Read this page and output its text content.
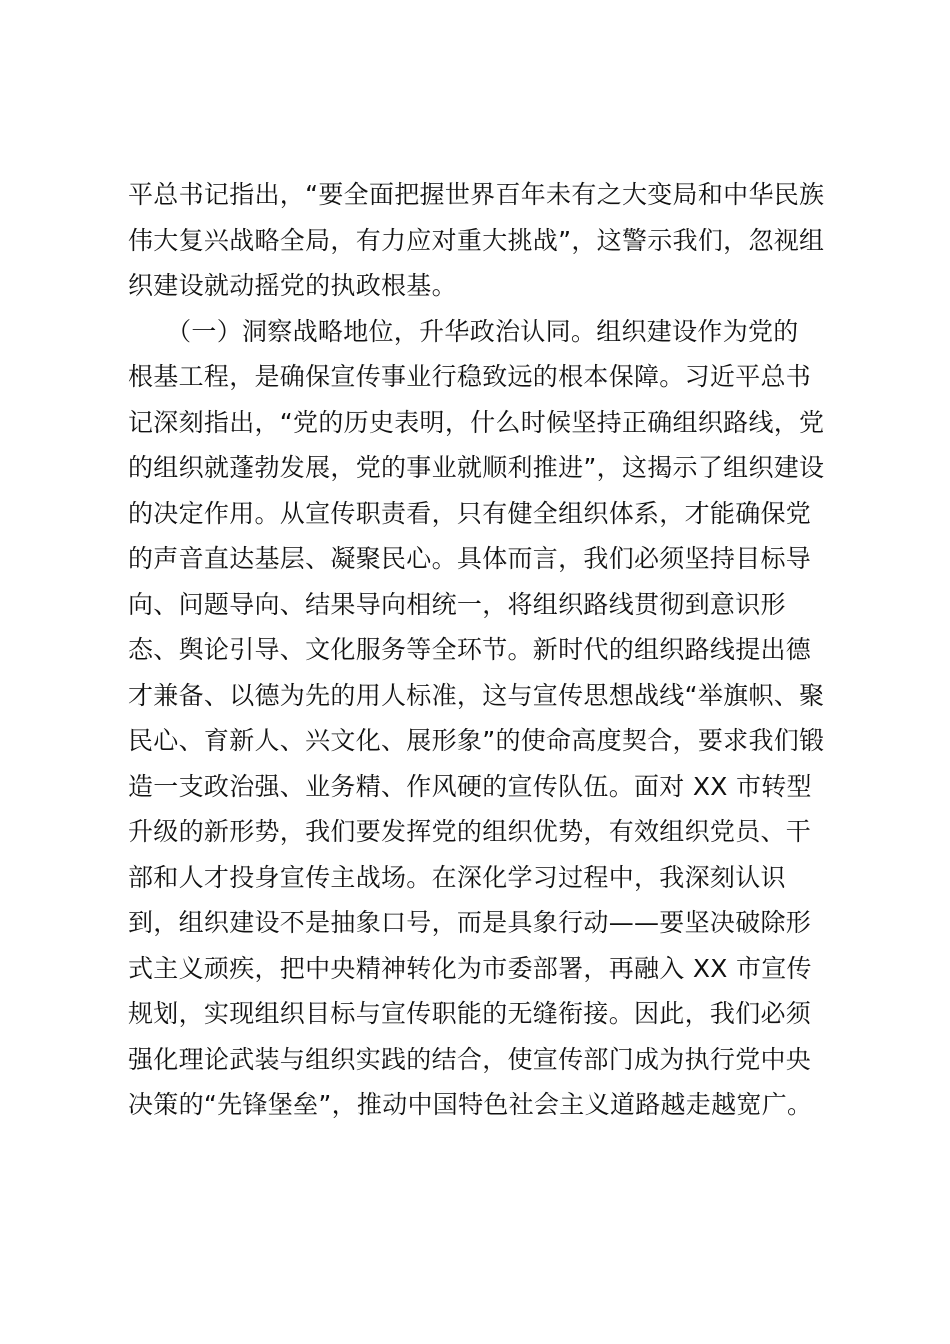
平总书记指出，“要全面把握世界百年未有之大变局和中华民族
伟大复兴战略全局，有力应对重大挑战”，这警示我们，忽视组
织建设就动摇党的执政根基。
　　（一）洞察战略地位，升华政治认同。组织建设作为党的
根基工程，是确保宣传事业行稳致远的根本保障。习近平总书
记深刻指出，“党的历史表明，什么时候坚持正确组织路线，党
的组织就蓬勃发展，党的事业就顺利推进”，这揭示了组织建设
的决定作用。从宣传职责看，只有健全组织体系，才能确保党
的声音直达基层、凝聚民心。具体而言，我们必须坚持目标导
向、问题导向、结果导向相统一，将组织路线贯彻到意识形
态、舆论引导、文化服务等全环节。新时代的组织路线提出德
才兼备、以德为先的用人标准，这与宣传思想战线“举旗帜、聚
民心、育新人、兴文化、展形象”的使命高度契合，要求我们锻
造一支政治强、业务精、作风硬的宣传队伍。面对 XX 市转型
升级的新形势，我们要发挥党的组织优势，有效组织党员、干
部和人才投身宣传主战场。在深化学习过程中，我深刻认识
到，组织建设不是抽象口号，而是具象行动——要坚决破除形
式主义顽疾，把中央精神转化为市委部署，再融入 XX 市宣传
规划，实现组织目标与宣传职能的无缝衔接。因此，我们必须
强化理论武装与组织实践的结合，使宣传部门成为执行党中央
决策的“先锋堡垒”，推动中国特色社会主义道路越走越宽广。
